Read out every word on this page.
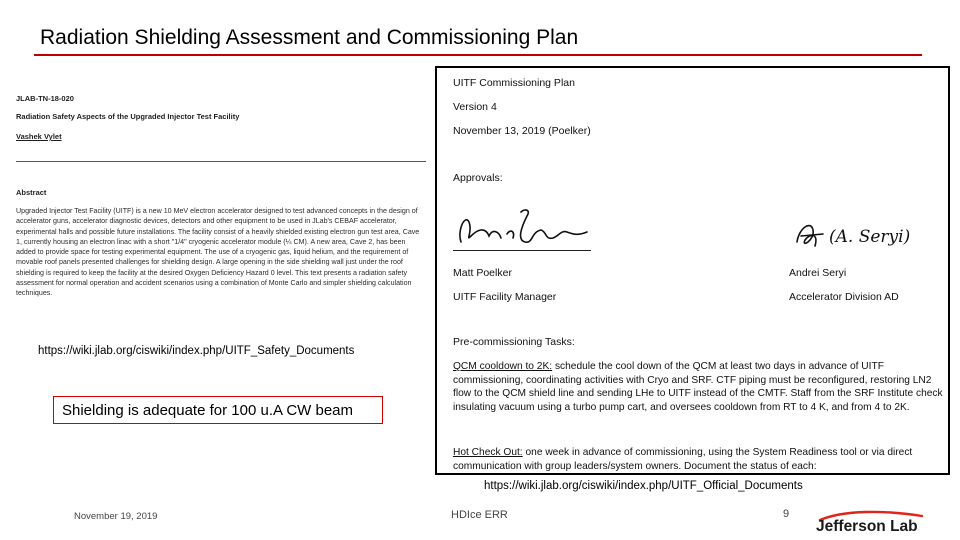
Radiation Shielding Assessment and Commissioning Plan
JLAB-TN-18-020
Radiation Safety Aspects of the Upgraded Injector Test Facility
Vashek Vylet
Abstract
Upgraded Injector Test Facility (UITF) is a new 10 MeV electron accelerator designed to test advanced concepts in the design of accelerator guns, accelerator diagnostic devices, detectors and other equipment to be used in JLab's CEBAF accelerator, experimental halls and possible future installations. The facility consist of a heavily shielded existing electron gun test area, Cave 1, currently housing an electron linac with a short "1/4" cryogenic accelerator module (¼ CM). A new area, Cave 2, has been added to provide space for testing experimental equipment. The use of a cryogenic gas, liquid helium, and the requirement of movable roof panels presented challenges for shielding design. A large opening in the side shielding wall just under the roof shielding is required to keep the facility at the desired Oxygen Deficiency Hazard 0 level. This text presents a radiation safety assessment for normal operation and accident scenarios using a combination of Monte Carlo and simpler shielding calculation techniques.
https://wiki.jlab.org/ciswiki/index.php/UITF_Safety_Documents
Shielding is adequate for 100 u.A CW beam
UITF Commissioning Plan
Version 4
November 13, 2019 (Poelker)
Approvals:
(A. Seryi)
Matt Poelker
UITF Facility Manager
Andrei Seryi
Accelerator Division AD
Pre-commissioning Tasks:
QCM cooldown to 2K: schedule the cool down of the QCM at least two days in advance of UITF commissioning, coordinating activities with Cryo and SRF. CTF piping must be reconfigured, restoring LN2 flow to the QCM shield line and sending LHe to UITF instead of the CMTF. Staff from the SRF Institute check insulating vacuum using a turbo pump cart, and oversees cooldown from RT to 4 K, and from 4 to 2K.
Hot Check Out: one week in advance of commissioning, using the System Readiness tool or via direct communication with group leaders/system owners. Document the status of each:
https://wiki.jlab.org/ciswiki/index.php/UITF_Official_Documents
November 19, 2019	HDIce ERR	9
Jefferson Lab
